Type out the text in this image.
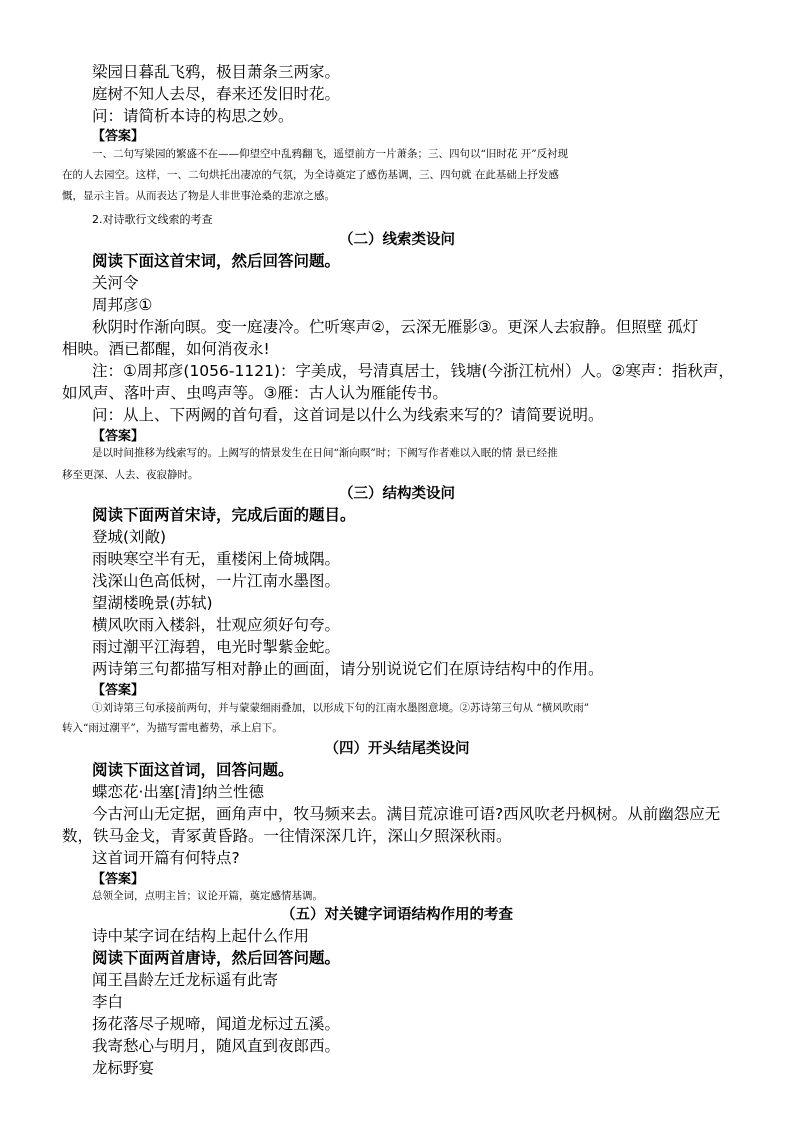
梁园日暮乱飞鸦，极目萧条三两家。
庭树不知人去尽，春来还发旧时花。
问：请简析本诗的构思之妙。
【答案】
一、二句写梁园的繁盛不在——仰望空中乱鸦翻飞，遥望前方一片萧条；三、四句以“旧时花 开”反衬现
在的人去园空。这样，一、二句烘托出凄凉的气氛，为全诗奠定了感伤基调，三、四句就 在此基础上抒发感
慨，显示主旨。从而表达了物是人非世事沧桑的悲凉之感。
2.对诗歌行文线索的考查
（二）线索类设问
阅读下面这首宋词，然后回答问题。
关河令
周邦彦①
秋阴时作渐向暝。变一庭凄冷。伫听寒声②，云深无雁影③。更深人去寂静。但照壁 孤灯
相映。酒已都醒，如何消夜永!
注：①周邦彦(1056-1121)：字美成，号清真居士，钱塘(今浙江杭州）人。②寒声：指秋声，
如风声、落叶声、虫鸣声等。③雁：古人认为雁能传书。
问：从上、下两阙的首句看，这首词是以什么为线索来写的？请简要说明。
【答案】
是以时间推移为线索写的。上阙写的情景发生在日间“渐向暝”时；下阙写作者难以入眠的情 景已经推
移至更深、人去、夜寂静时。
（三）结构类设问
阅读下面两首宋诗，完成后面的题目。
登城(刘敞)
雨映寒空半有无，重楼闲上倚城隅。
浅深山色高低树，一片江南水墨图。
望湖楼晚景(苏轼)
横风吹雨入楼斜，壮观应须好句夸。
雨过潮平江海碧，电光时掣紫金蛇。
两诗第三句都描写相对静止的画面，请分别说说它们在原诗结构中的作用。
【答案】
①刘诗第三句承接前两句，并与蒙蒙细雨叠加，以形成下句的江南水墨图意境。②苏诗第三句从 “横风吹雨”
转入“雨过潮平”，为描写雷电蓄势，承上启下。
（四）开头结尾类设问
阅读下面这首词，回答问题。
蝶恋花·出塞[清]纳兰性德
今古河山无定据，画角声中，牧马频来去。满目荒凉谁可语?西风吹老丹枫树。从前幽怨应无
数，铁马金戈，青冢黄昏路。一往情深深几许，深山夕照深秋雨。
这首词开篇有何特点?
【答案】
总领全词，点明主旨；议论开篇，奠定感情基调。
（五）对关键字词语结构作用的考查
诗中某字词在结构上起什么作用
阅读下面两首唐诗，然后回答问题。
闻王昌龄左迁龙标遥有此寄
李白
扬花落尽子规啼，闻道龙标过五溪。
我寄愁心与明月，随风直到夜郎西。
龙标野宴
